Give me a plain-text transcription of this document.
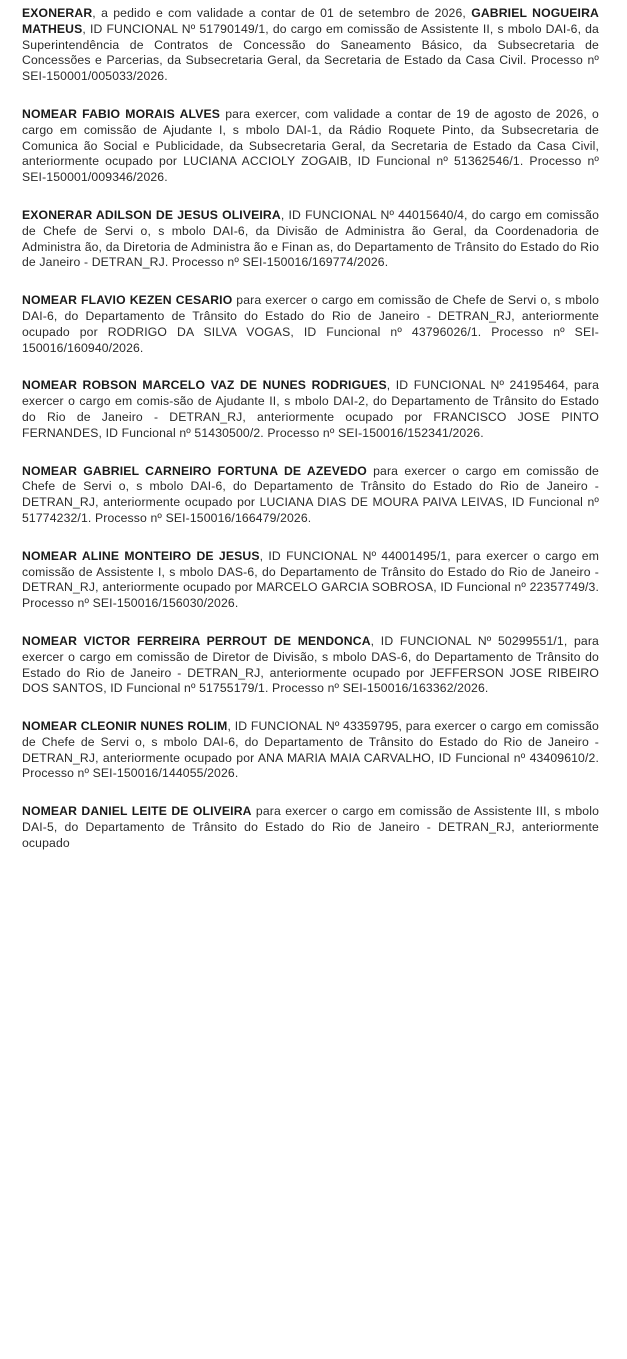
EXONERAR, a pedido e com validade a contar de 01 de setembro de 2026, GABRIEL NOGUEIRA MATHEUS, ID FUNCIONAL Nº 51790149/1, do cargo em comissão de Assistente II, s mbolo DAI-6, da Superintendência de Contratos de Concessão do Saneamento Básico, da Subsecretaria de Concessões e Parcerias, da Subsecretaria Geral, da Secretaria de Estado da Casa Civil. Processo nº SEI-150001/005033/2026.

NOMEAR FABIO MORAIS ALVES para exercer, com validade a contar de 19 de agosto de 2026, o cargo em comissão de Ajudante I, s mbolo DAI-1, da Rádio Roquete Pinto, da Subsecretaria de Comunica ão Social e Publicidade, da Subsecretaria Geral, da Secretaria de Estado da Casa Civil, anteriormente ocupado por LUCIANA ACCIOLY ZOGAIB, ID Funcional nº 51362546/1. Processo nº SEI-150001/009346/2026.

EXONERAR ADILSON DE JESUS OLIVEIRA, ID FUNCIONAL Nº 44015640/4, do cargo em comissão de Chefe de Servi o, s mbolo DAI-6, da Divisão de Administra ão Geral, da Coordenadoria de Administra ão, da Diretoria de Administra ão e Finan as, do Departamento de Trânsito do Estado do Rio de Janeiro - DETRAN_RJ. Processo nº SEI-150016/169774/2026.

NOMEAR FLAVIO KEZEN CESARIO para exercer o cargo em comissão de Chefe de Servi o, s mbolo DAI-6, do Departamento de Trânsito do Estado do Rio de Janeiro - DETRAN_RJ, anteriormente ocupado por RODRIGO DA SILVA VOGAS, ID Funcional nº 43796026/1. Processo nº SEI-150016/160940/2026.

NOMEAR ROBSON MARCELO VAZ DE NUNES RODRIGUES, ID FUNCIONAL Nº 24195464, para exercer o cargo em comis-são de Ajudante II, s mbolo DAI-2, do Departamento de Trânsito do Estado do Rio de Janeiro - DETRAN_RJ, anteriormente ocupado por FRANCISCO JOSE PINTO FERNANDES, ID Funcional nº 51430500/2. Processo nº SEI-150016/152341/2026.

NOMEAR GABRIEL CARNEIRO FORTUNA DE AZEVEDO para exercer o cargo em comissão de Chefe de Servi o, s mbolo DAI-6, do Departamento de Trânsito do Estado do Rio de Janeiro - DETRAN_RJ, anteriormente ocupado por LUCIANA DIAS DE MOURA PAIVA LEIVAS, ID Funcional nº 51774232/1. Processo nº SEI-150016/166479/2026.

NOMEAR ALINE MONTEIRO DE JESUS, ID FUNCIONAL Nº 44001495/1, para exercer o cargo em comissão de Assistente I, s mbolo DAS-6, do Departamento de Trânsito do Estado do Rio de Janeiro - DETRAN_RJ, anteriormente ocupado por MARCELO GARCIA SOBROSA, ID Funcional nº 22357749/3. Processo nº SEI-150016/156030/2026.

NOMEAR VICTOR FERREIRA PERROUT DE MENDONCA, ID FUNCIONAL Nº 50299551/1, para exercer o cargo em comissão de Diretor de Divisão, s mbolo DAS-6, do Departamento de Trânsito do Estado do Rio de Janeiro - DETRAN_RJ, anteriormente ocupado por JEFFERSON JOSE RIBEIRO DOS SANTOS, ID Funcional nº 51755179/1. Processo nº SEI-150016/163362/2026.

NOMEAR CLEONIR NUNES ROLIM, ID FUNCIONAL Nº 43359795, para exercer o cargo em comissão de Chefe de Servi o, s mbolo DAI-6, do Departamento de Trânsito do Estado do Rio de Janeiro - DETRAN_RJ, anteriormente ocupado por ANA MARIA MAIA CARVALHO, ID Funcional nº 43409610/2. Processo nº SEI-150016/144055/2026.

NOMEAR DANIEL LEITE DE OLIVEIRA para exercer o cargo em comissão de Assistente III, s mbolo DAI-5, do Departamento de Trânsito do Estado do Rio de Janeiro - DETRAN_RJ, anteriormente ocupado
